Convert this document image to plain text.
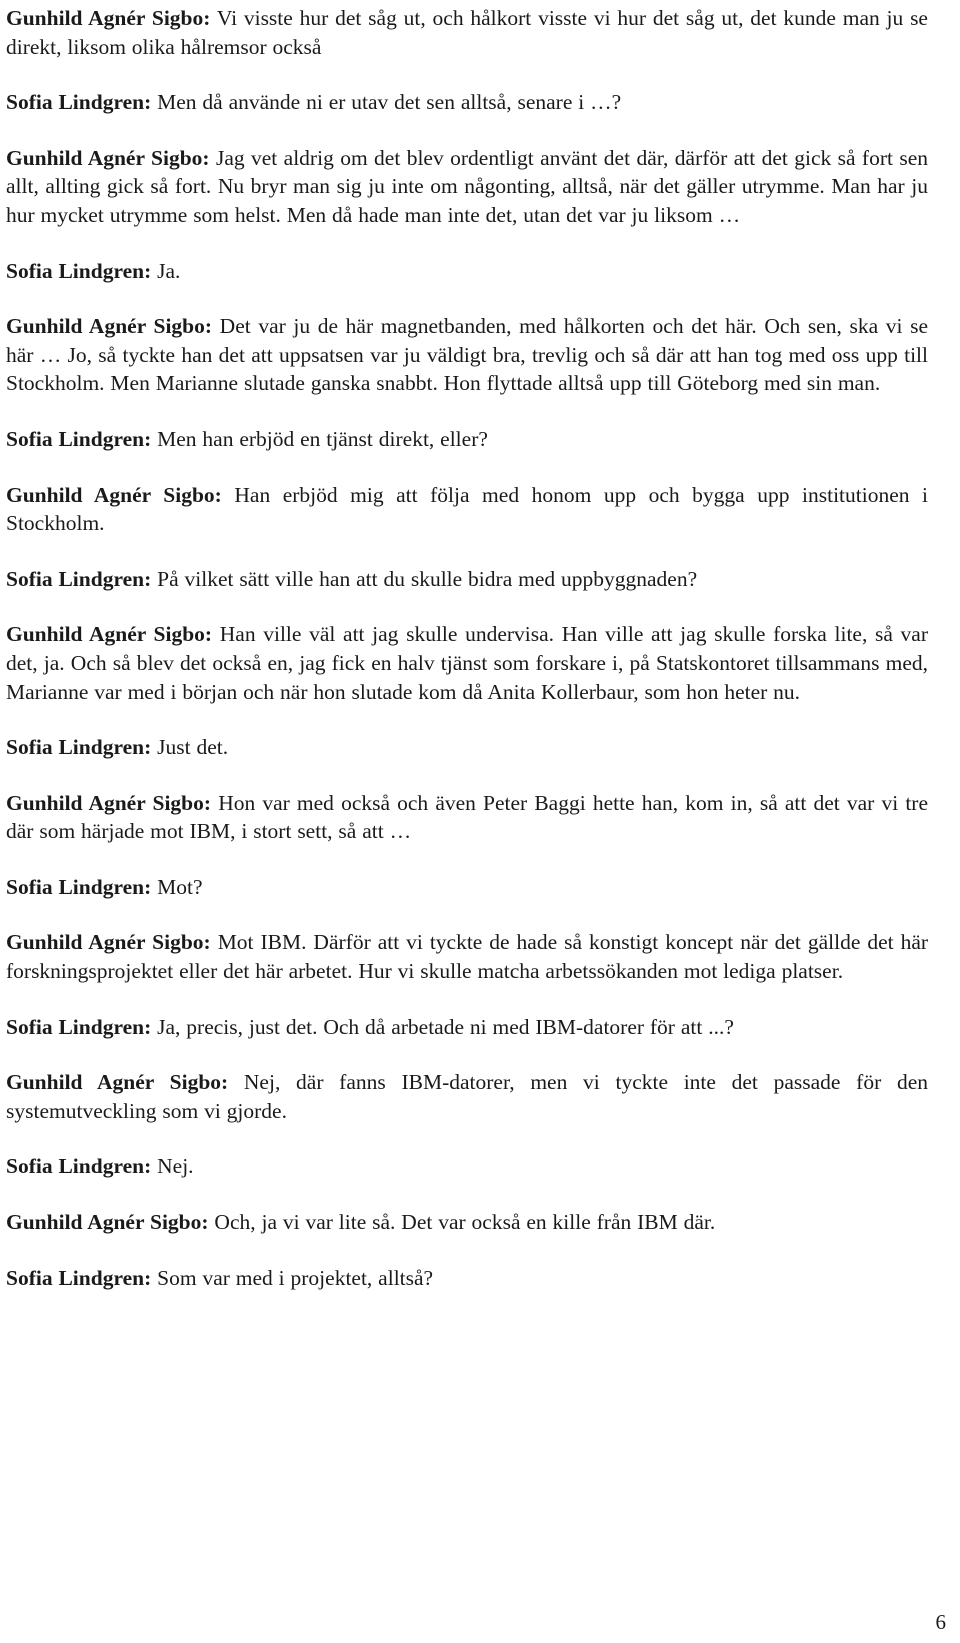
Gunhild Agnér Sigbo: Vi visste hur det såg ut, och hålkort visste vi hur det såg ut, det kunde man ju se direkt, liksom olika hålremsor också

Sofia Lindgren: Men då använde ni er utav det sen alltså, senare i …?

Gunhild Agnér Sigbo: Jag vet aldrig om det blev ordentligt använt det där, därför att det gick så fort sen allt, allting gick så fort. Nu bryr man sig ju inte om någonting, alltså, när det gäller utrymme. Man har ju hur mycket utrymme som helst. Men då hade man inte det, utan det var ju liksom …

Sofia Lindgren: Ja.

Gunhild Agnér Sigbo: Det var ju de här magnetbanden, med hålkorten och det här. Och sen, ska vi se här … Jo, så tyckte han det att uppsatsen var ju väldigt bra, trevlig och så där att han tog med oss upp till Stockholm. Men Marianne slutade ganska snabbt. Hon flyttade alltså upp till Göteborg med sin man.

Sofia Lindgren: Men han erbjöd en tjänst direkt, eller?

Gunhild Agnér Sigbo: Han erbjöd mig att följa med honom upp och bygga upp institutionen i Stockholm.

Sofia Lindgren: På vilket sätt ville han att du skulle bidra med uppbyggnaden?

Gunhild Agnér Sigbo: Han ville väl att jag skulle undervisa. Han ville att jag skulle forska lite, så var det, ja. Och så blev det också en, jag fick en halv tjänst som forskare i, på Statskontoret tillsammans med, Marianne var med i början och när hon slutade kom då Anita Kollerbaur, som hon heter nu.

Sofia Lindgren: Just det.

Gunhild Agnér Sigbo: Hon var med också och även Peter Baggi hette han, kom in, så att det var vi tre där som härjade mot IBM, i stort sett, så att …

Sofia Lindgren: Mot?

Gunhild Agnér Sigbo: Mot IBM. Därför att vi tyckte de hade så konstigt koncept när det gällde det här forskningsprojektet eller det här arbetet. Hur vi skulle matcha arbetssökanden mot lediga platser.

Sofia Lindgren: Ja, precis, just det. Och då arbetade ni med IBM-datorer för att ...?

Gunhild Agnér Sigbo: Nej, där fanns IBM-datorer, men vi tyckte inte det passade för den systemutveckling som vi gjorde.

Sofia Lindgren: Nej.

Gunhild Agnér Sigbo: Och, ja vi var lite så. Det var också en kille från IBM där.

Sofia Lindgren: Som var med i projektet, alltså?

6
